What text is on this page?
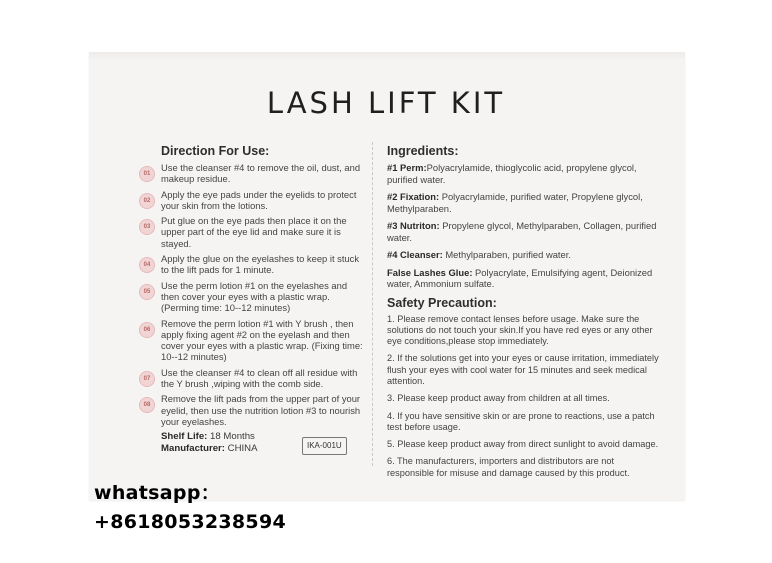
LASH LIFT KIT
Direction For Use:
01
Use the cleanser #4 to remove the oil, dust, and makeup residue.
02
Apply the eye pads under the eyelids to protect your skin from the lotions.
03
Put glue on the eye pads then place it on the upper part of the eye lid and make sure it is stayed.
04
Apply the glue on the eyelashes to keep it stuck to the lift pads for 1 minute.
05
Use the perm lotion #1 on the eyelashes and then cover your eyes with a plastic wrap. (Perming time: 10--12 minutes)
06
Remove the perm lotion #1 with Y brush , then apply fixing agent #2 on the eyelash and then cover your eyes with a plastic wrap. (Fixing time: 10--12 minutes)
07
Use the cleanser #4 to clean off all residue with the Y brush ,wiping with the comb side.
08
Remove the lift pads from the upper part of your eyelid, then use the nutrition lotion #3 to nourish your eyelashes.
Shelf Life: 18 Months
Manufacturer: CHINA	IKA-001U
Ingredients:
#1 Perm:Polyacrylamide, thioglycolic acid, propylene glycol, purified water.
#2 Fixation: Polyacrylamide, purified water, Propylene glycol, Methylparaben.
#3 Nutriton: Propylene glycol, Methylparaben, Collagen, purified water.
#4 Cleanser: Methylparaben, purified water.
False Lashes Glue: Polyacrylate, Emulsifying agent, Deionized water, Ammonium sulfate.
Safety Precaution:
1. Please remove contact lenses before usage. Make sure the solutions do not touch your skin.If you have red eyes or any other eye conditions,please stop immediately.
2. If the solutions get into your eyes or cause irritation, immediately flush your eyes with cool water for 15 minutes and seek medical attention.
3. Please keep product away from children at all times.
4. If you have sensitive skin or are prone to reactions, use a patch test before usage.
5. Please keep product away from direct sunlight to avoid damage.
6. The manufacturers, importers and distributors are not responsible for misuse and damage caused by this product.
whatsapp：
+8618053238594
